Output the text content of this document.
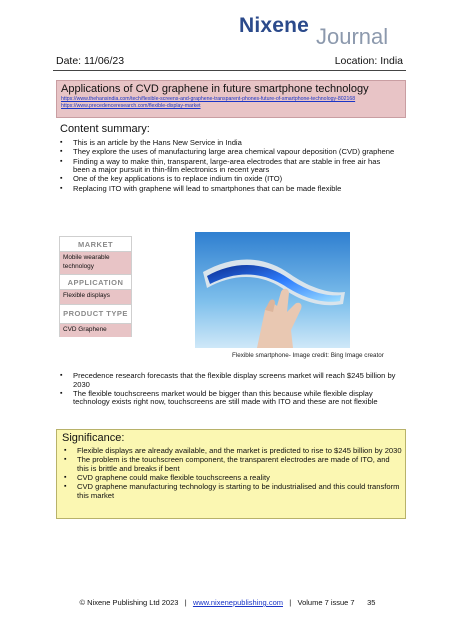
Nixene Journal
Date: 11/06/23	Location: India
Applications of CVD graphene in future smartphone technology
https://www.thehansindia.com/tech/flexible-screens-and-graphene-transparent-phones-future-of-smartphone-technology-802168
https://www.precedenceresearch.com/flexible-display-market
Content summary:
▪ This is an article by the Hans New Service in India
▪ They explore the uses of manufacturing large area chemical vapour deposition (CVD) graphene
▪ Finding a way to make thin, transparent, large-area electrodes that are stable in free air has been a major pursuit in thin-film electronics in recent years
▪ One of the key applications is to replace indium tin oxide (ITO)
▪ Replacing ITO with graphene will lead to smartphones that can be made flexible
MARKET
Mobile wearable technology
APPLICATION
Flexible displays
PRODUCT TYPE
CVD Graphene
Flexible smartphone- Image credit: Bing Image creator
▪ Precedence research forecasts that the flexible display screens market will reach $245 billion by 2030
▪ The flexible touchscreens market would be bigger than this because while flexible display technology exists right now, touchscreens are still made with ITO and these are not flexible
Significance:
▪ Flexible displays are already available, and the market is predicted to rise to $245 billion by 2030
▪ The problem is the touchscreen component, the transparent electrodes are made of ITO, and this is brittle and breaks if bent
▪ CVD graphene could make flexible touchscreens a reality
▪ CVD graphene manufacturing technology is starting to be industrialised and this could transform this market
© Nixene Publishing Ltd 2023 | www.nixenepublishing.com | Volume 7 issue 7 35
